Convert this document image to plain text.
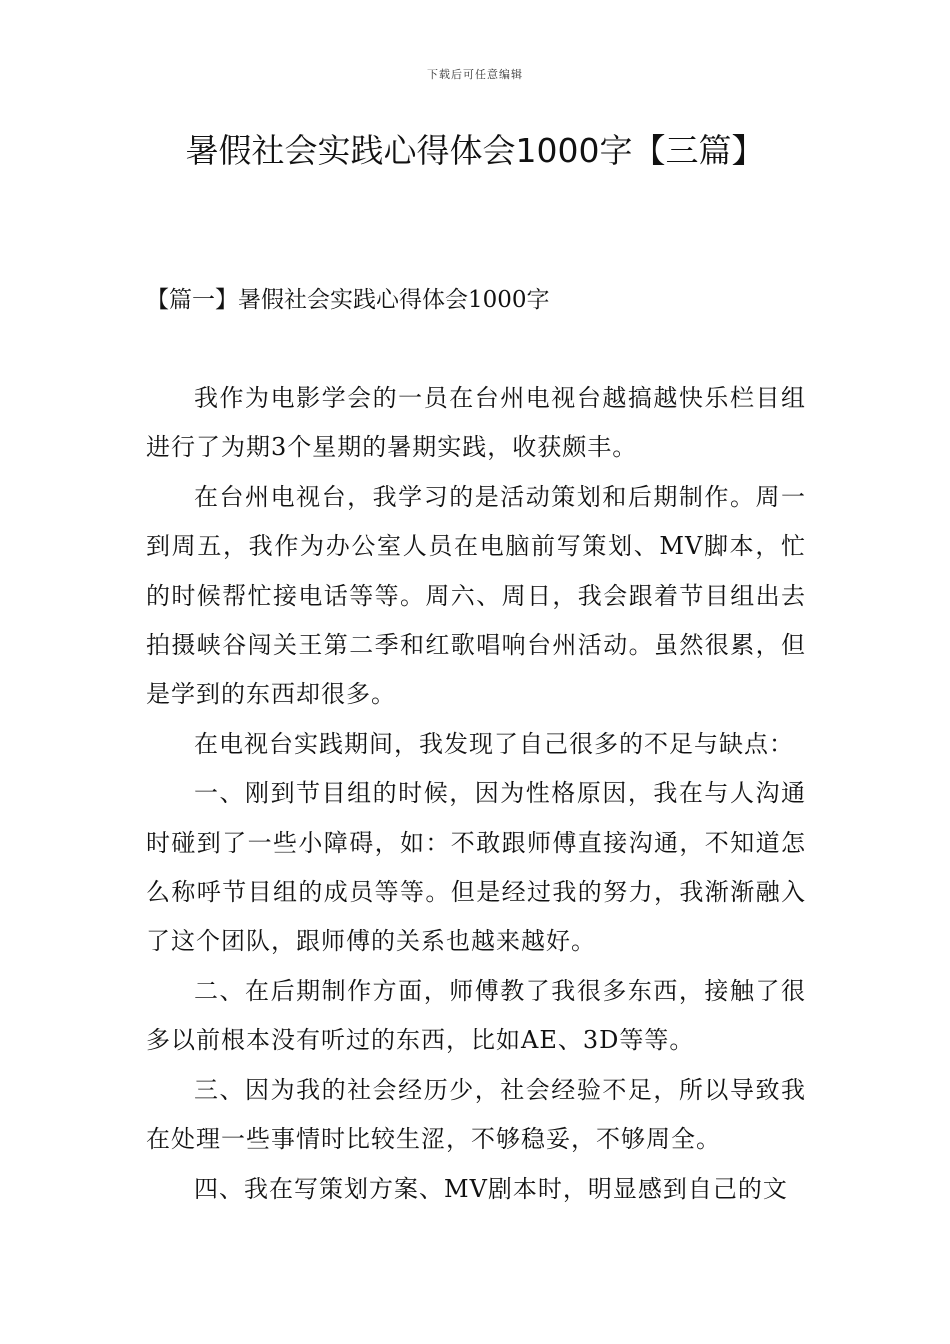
下载后可任意编辑
暑假社会实践心得体会1000字【三篇】
【篇一】暑假社会实践心得体会1000字

我作为电影学会的一员在台州电视台越搞越快乐栏目组进行了为期3个星期的暑期实践，收获颇丰。

在台州电视台，我学习的是活动策划和后期制作。周一到周五，我作为办公室人员在电脑前写策划、MV脚本，忙的时候帮忙接电话等等。周六、周日，我会跟着节目组出去拍摄峡谷闯关王第二季和红歌唱响台州活动。虽然很累，但是学到的东西却很多。

在电视台实践期间，我发现了自己很多的不足与缺点：

一、刚到节目组的时候，因为性格原因，我在与人沟通时碰到了一些小障碍，如：不敢跟师傅直接沟通，不知道怎么称呼节目组的成员等等。但是经过我的努力，我渐渐融入了这个团队，跟师傅的关系也越来越好。

二、在后期制作方面，师傅教了我很多东西，接触了很多以前根本没有听过的东西，比如AE、3D等等。

三、因为我的社会经历少，社会经验不足，所以导致我在处理一些事情时比较生涩，不够稳妥，不够周全。

四、我在写策划方案、MV剧本时，明显感到自己的文
